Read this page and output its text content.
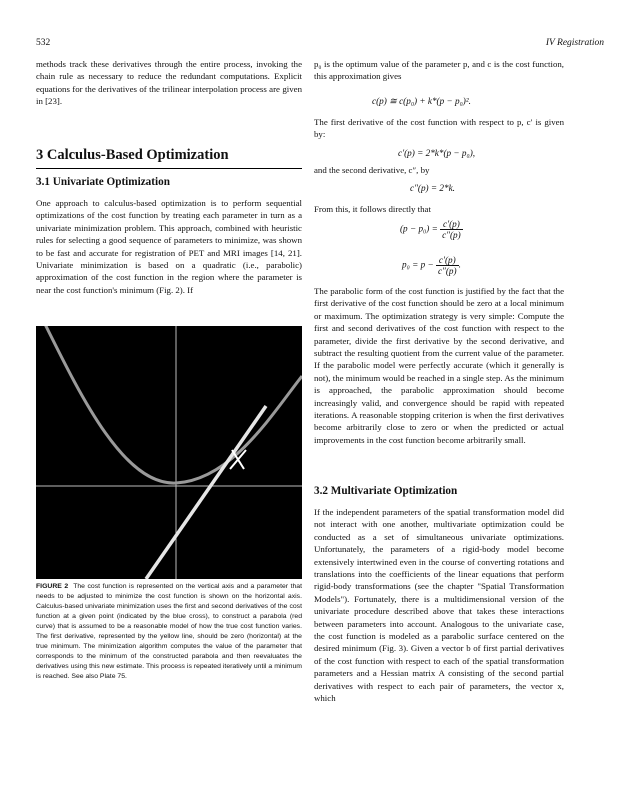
532	IV Registration

methods track these derivatives through the entire process, invoking the chain rule as necessary to reduce the redundant computations. Explicit equations for the derivatives of the trilinear interpolation process are given in [23].

3 Calculus-Based Optimization
3.1 Univariate Optimization

One approach to calculus-based optimization is to perform sequential optimizations of the cost function by treating each parameter in turn as a univariate minimization problem. This approach, combined with heuristic rules for selecting a good sequence of parameters to minimize, was shown to be fast and accurate for registration of PET and MRI images [14, 21]. Univariate minimization is based on a quadratic (i.e., parabolic) approximation of the cost function in the region where the parameter is near the cost function's minimum (Fig. 2). If

FIGURE 2 The cost function is represented on the vertical axis and a parameter that needs to be adjusted to minimize the cost function is shown on the horizontal axis. Calculus-based univariate minimization uses the first and second derivatives of the cost function at a given point (indicated by the blue cross), to construct a parabola (red curve) that is assumed to be a reasonable model of how the true cost function varies. The first derivative, represented by the yellow line, should be zero (horizontal) at the true minimum. The minimization algorithm computes the value of the parameter that corresponds to the minimum of the constructed parabola and then reevaluates the derivatives using this new estimate. This process is repeated iteratively until a minimum is reached. See also Plate 75.

p₀ is the optimum value of the parameter p, and c is the cost function, this approximation gives

c(p) ≅ c(p₀) + k*(p − p₀)².

The first derivative of the cost function with respect to p, c′ is given by:

c′(p) = 2*k*(p − p₀),

and the second derivative, c″, by

c″(p) = 2*k.

From this, it follows directly that

$(p - p_0) = \frac{c'(p)}{c''(p)}$
$p_0 = p - \frac{c'(p)}{c''(p)}$ .

The parabolic form of the cost function is justified by the fact that the first derivative of the cost function should be zero at a local minimum or maximum. The optimization strategy is very simple: Compute the first and second derivatives of the cost function with respect to the parameter, divide the first derivative by the second derivative, and subtract the resulting quotient from the current value of the parameter. If the parabolic model were perfectly accurate (which it generally is not), the minimum would be reached in a single step. As the minimum is approached, the parabolic approximation should become increasingly valid, and convergence should be rapid with repeated iterations. A reasonable stopping criterion is when the first derivatives become arbitrarily close to zero or when the predicted or actual improvements in the cost function become arbitrarily small.

3.2 Multivariate Optimization

If the independent parameters of the spatial transformation model did not interact with one another, multivariate optimization could be conducted as a set of simultaneous univariate optimizations. Unfortunately, the parameters of a rigid-body model become extensively intertwined even in the course of converting rotations and translations into the coefficients of the linear equations that perform rigid-body transformations (see the chapter "Spatial Transformation Models"). Fortunately, there is a multidimensional version of the univariate procedure described above that takes these interactions between parameters into account. Analogous to the univariate case, the cost function is modeled as a parabolic surface centered on the desired minimum (Fig. 3). Given a vector b of first partial derivatives of the cost function with respect to each of the spatial transformation parameters and a Hessian matrix A consisting of the second partial derivatives with respect to each pair of parameters, the vector x, which
